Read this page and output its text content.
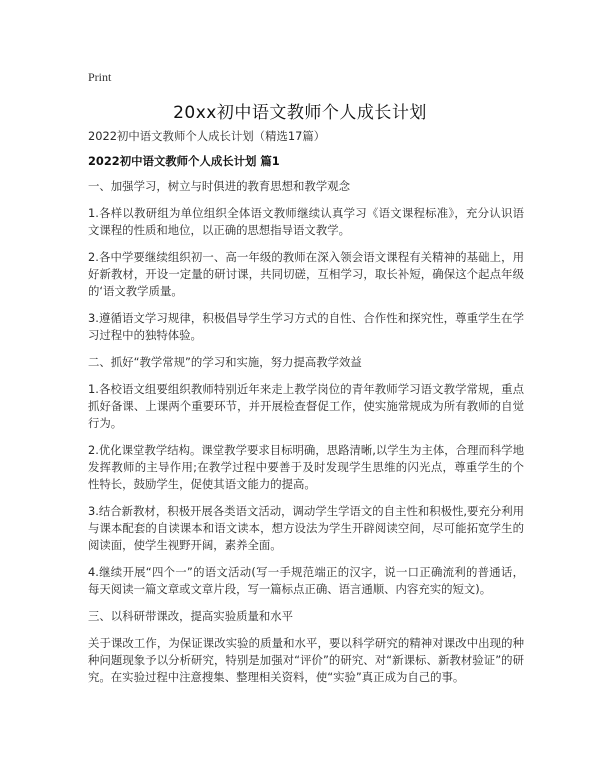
Print
20xx初中语文教师个人成长计划

2022初中语文教师个人成长计划（精选17篇）

2022初中语文教师个人成长计划 篇1

一、加强学习，树立与时俱进的教育思想和教学观念

1.各样以教研组为单位组织全体语文教师继续认真学习《语文课程标准》，充分认识语文课程的性质和地位，以正确的思想指导语文教学。

2.各中学要继续组织初一、高一年级的教师在深入领会语文课程有关精神的基础上，用好新教材，开设一定量的研讨课，共同切磋，互相学习，取长补短，确保这个起点年级的‘语文教学质量。

3.遵循语文学习规律，积极倡导学生学习方式的自性、合作性和探究性，尊重学生在学习过程中的独特体验。

二、抓好“教学常规”的学习和实施，努力提高教学效益

1.各校语文组要组织教师特别近年来走上教学岗位的青年教师学习语文教学常规，重点抓好备课、上课两个重要环节，并开展检查督促工作，使实施常规成为所有教师的自觉行为。

2.优化课堂教学结构。课堂教学要求目标明确，思路清晰,以学生为主体，合理而科学地发挥教师的主导作用;在教学过程中要善于及时发现学生思维的闪光点，尊重学生的个性特长，鼓励学生，促使其语文能力的提高。

3.结合新教材，积极开展各类语文活动，调动学生学语文的自主性和积极性,要充分利用与课本配套的自读课本和语文读本，想方设法为学生开辟阅读空间，尽可能拓宽学生的阅读面，使学生视野开阔，素养全面。

4.继续开展“四个一”的语文活动(写一手规范端正的汉字，说一口正确流利的普通话，每天阅读一篇文章或文章片段，写一篇标点正确、语言通顺、内容充实的短文)。

三、以科研带课改，提高实验质量和水平

关于课改工作，为保证课改实验的质量和水平，要以科学研究的精神对课改中出现的种种问题现象予以分析研究，特别是加强对“评价”的研究、对“新课标、新教材验证”的研究。在实验过程中注意搜集、整理相关资料，使“实验”真正成为自己的事。
